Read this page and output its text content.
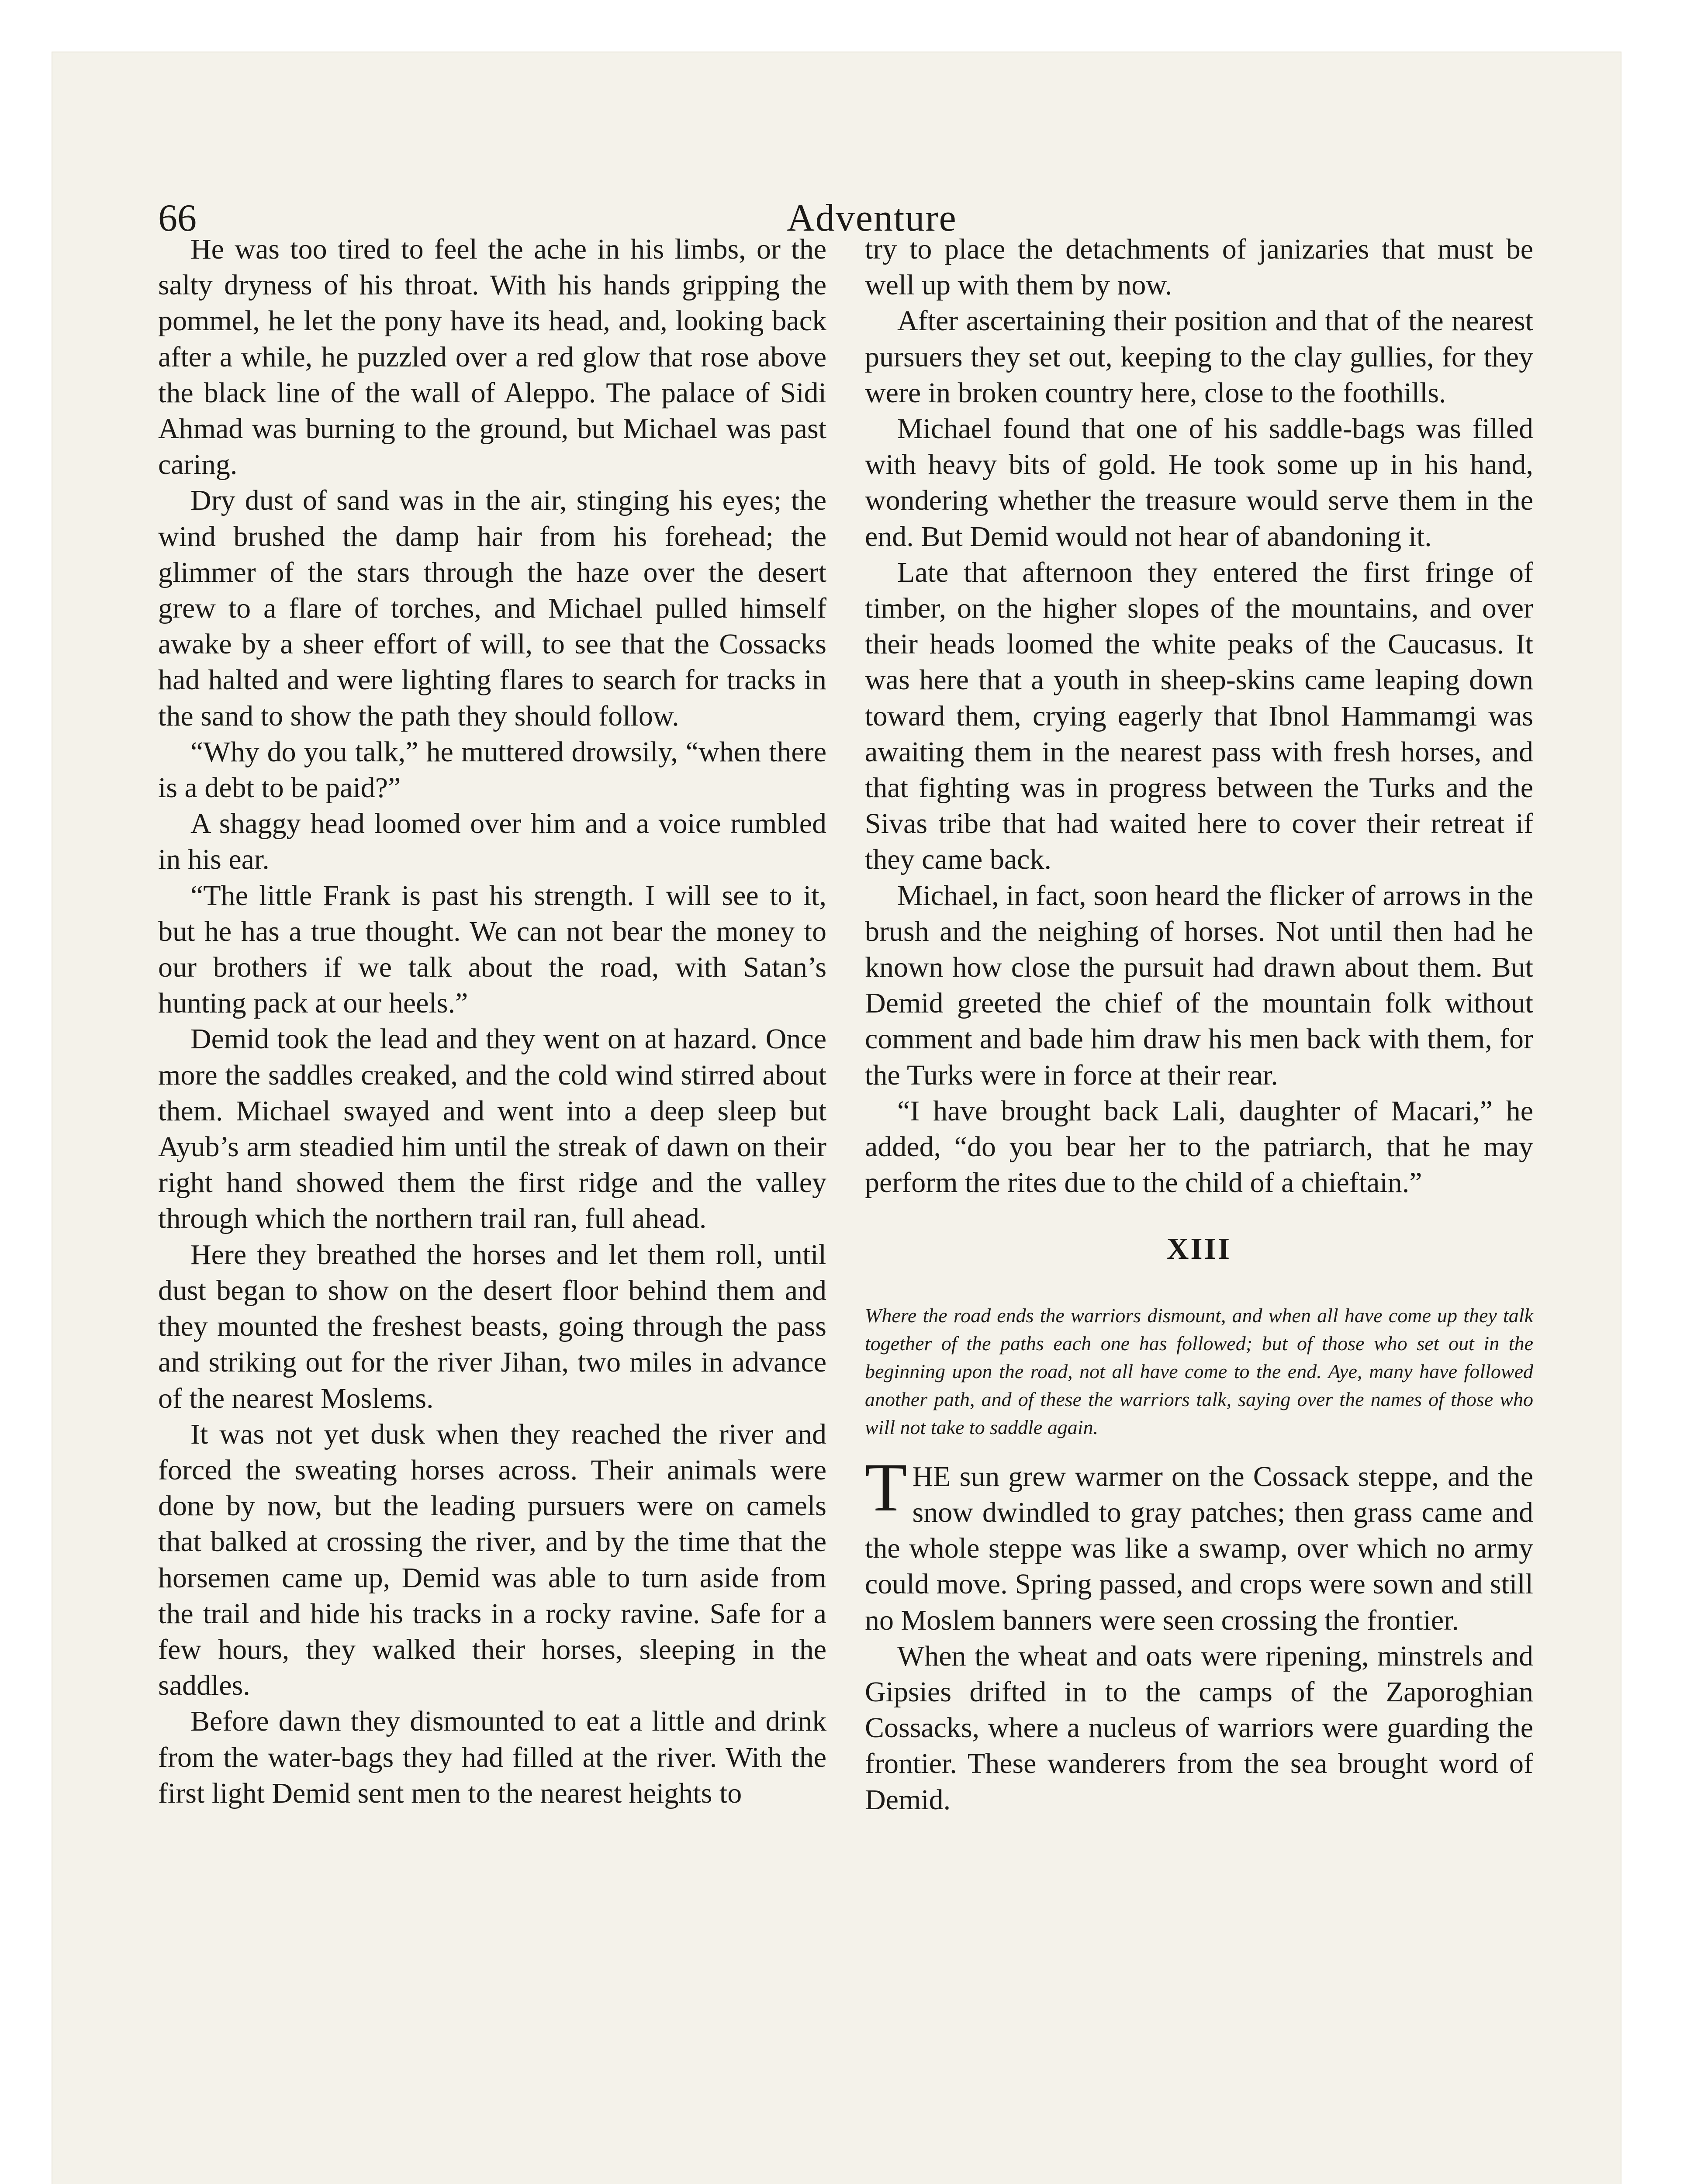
66	Adventure

He was too tired to feel the ache in his limbs, or the salty dryness of his throat. With his hands gripping the pommel, he let the pony have its head, and, looking back after a while, he puzzled over a red glow that rose above the black line of the wall of Aleppo. The palace of Sidi Ahmad was burning to the ground, but Michael was past caring.

Dry dust of sand was in the air, stinging his eyes; the wind brushed the damp hair from his forehead; the glimmer of the stars through the haze over the desert grew to a flare of torches, and Michael pulled himself awake by a sheer effort of will, to see that the Cossacks had halted and were lighting flares to search for tracks in the sand to show the path they should follow.

“Why do you talk,” he muttered drowsily, “when there is a debt to be paid?”

A shaggy head loomed over him and a voice rumbled in his ear.

“The little Frank is past his strength. I will see to it, but he has a true thought. We can not bear the money to our brothers if we talk about the road, with Satan’s hunting pack at our heels.”

Demid took the lead and they went on at hazard. Once more the saddles creaked, and the cold wind stirred about them. Michael swayed and went into a deep sleep but Ayub’s arm steadied him until the streak of dawn on their right hand showed them the first ridge and the valley through which the northern trail ran, full ahead.

Here they breathed the horses and let them roll, until dust began to show on the desert floor behind them and they mounted the freshest beasts, going through the pass and striking out for the river Jihan, two miles in advance of the nearest Moslems.

It was not yet dusk when they reached the river and forced the sweating horses across. Their animals were done by now, but the leading pursuers were on camels that balked at crossing the river, and by the time that the horsemen came up, Demid was able to turn aside from the trail and hide his tracks in a rocky ravine. Safe for a few hours, they walked their horses, sleeping in the saddles.

Before dawn they dismounted to eat a little and drink from the water-bags they had filled at the river. With the first light Demid sent men to the nearest heights to

try to place the detachments of janizaries that must be well up with them by now.

After ascertaining their position and that of the nearest pursuers they set out, keeping to the clay gullies, for they were in broken country here, close to the foothills.

Michael found that one of his saddle-bags was filled with heavy bits of gold. He took some up in his hand, wondering whether the treasure would serve them in the end. But Demid would not hear of abandoning it.

Late that afternoon they entered the first fringe of timber, on the higher slopes of the mountains, and over their heads loomed the white peaks of the Caucasus. It was here that a youth in sheep-skins came leaping down toward them, crying eagerly that Ibnol Hammamgi was awaiting them in the nearest pass with fresh horses, and that fighting was in progress between the Turks and the Sivas tribe that had waited here to cover their retreat if they came back.

Michael, in fact, soon heard the flicker of arrows in the brush and the neighing of horses. Not until then had he known how close the pursuit had drawn about them. But Demid greeted the chief of the mountain folk without comment and bade him draw his men back with them, for the Turks were in force at their rear.

“I have brought back Lali, daughter of Macari,” he added, “do you bear her to the patriarch, that he may perform the rites due to the child of a chieftain.”

XIII
Where the road ends the warriors dismount, and when all have come up they talk together of the paths each one has followed; but of those who set out in the beginning upon the road, not all have come to the end. Aye, many have followed another path, and of these the warriors talk, saying over the names of those who will not take to saddle again.

THE sun grew warmer on the Cossack steppe, and the snow dwindled to gray patches; then grass came and the whole steppe was like a swamp, over which no army could move. Spring passed, and crops were sown and still no Moslem banners were seen crossing the frontier.

When the wheat and oats were ripening, minstrels and Gipsies drifted in to the camps of the Zaporoghian Cossacks, where a nucleus of warriors were guarding the frontier. These wanderers from the sea brought word of Demid.
